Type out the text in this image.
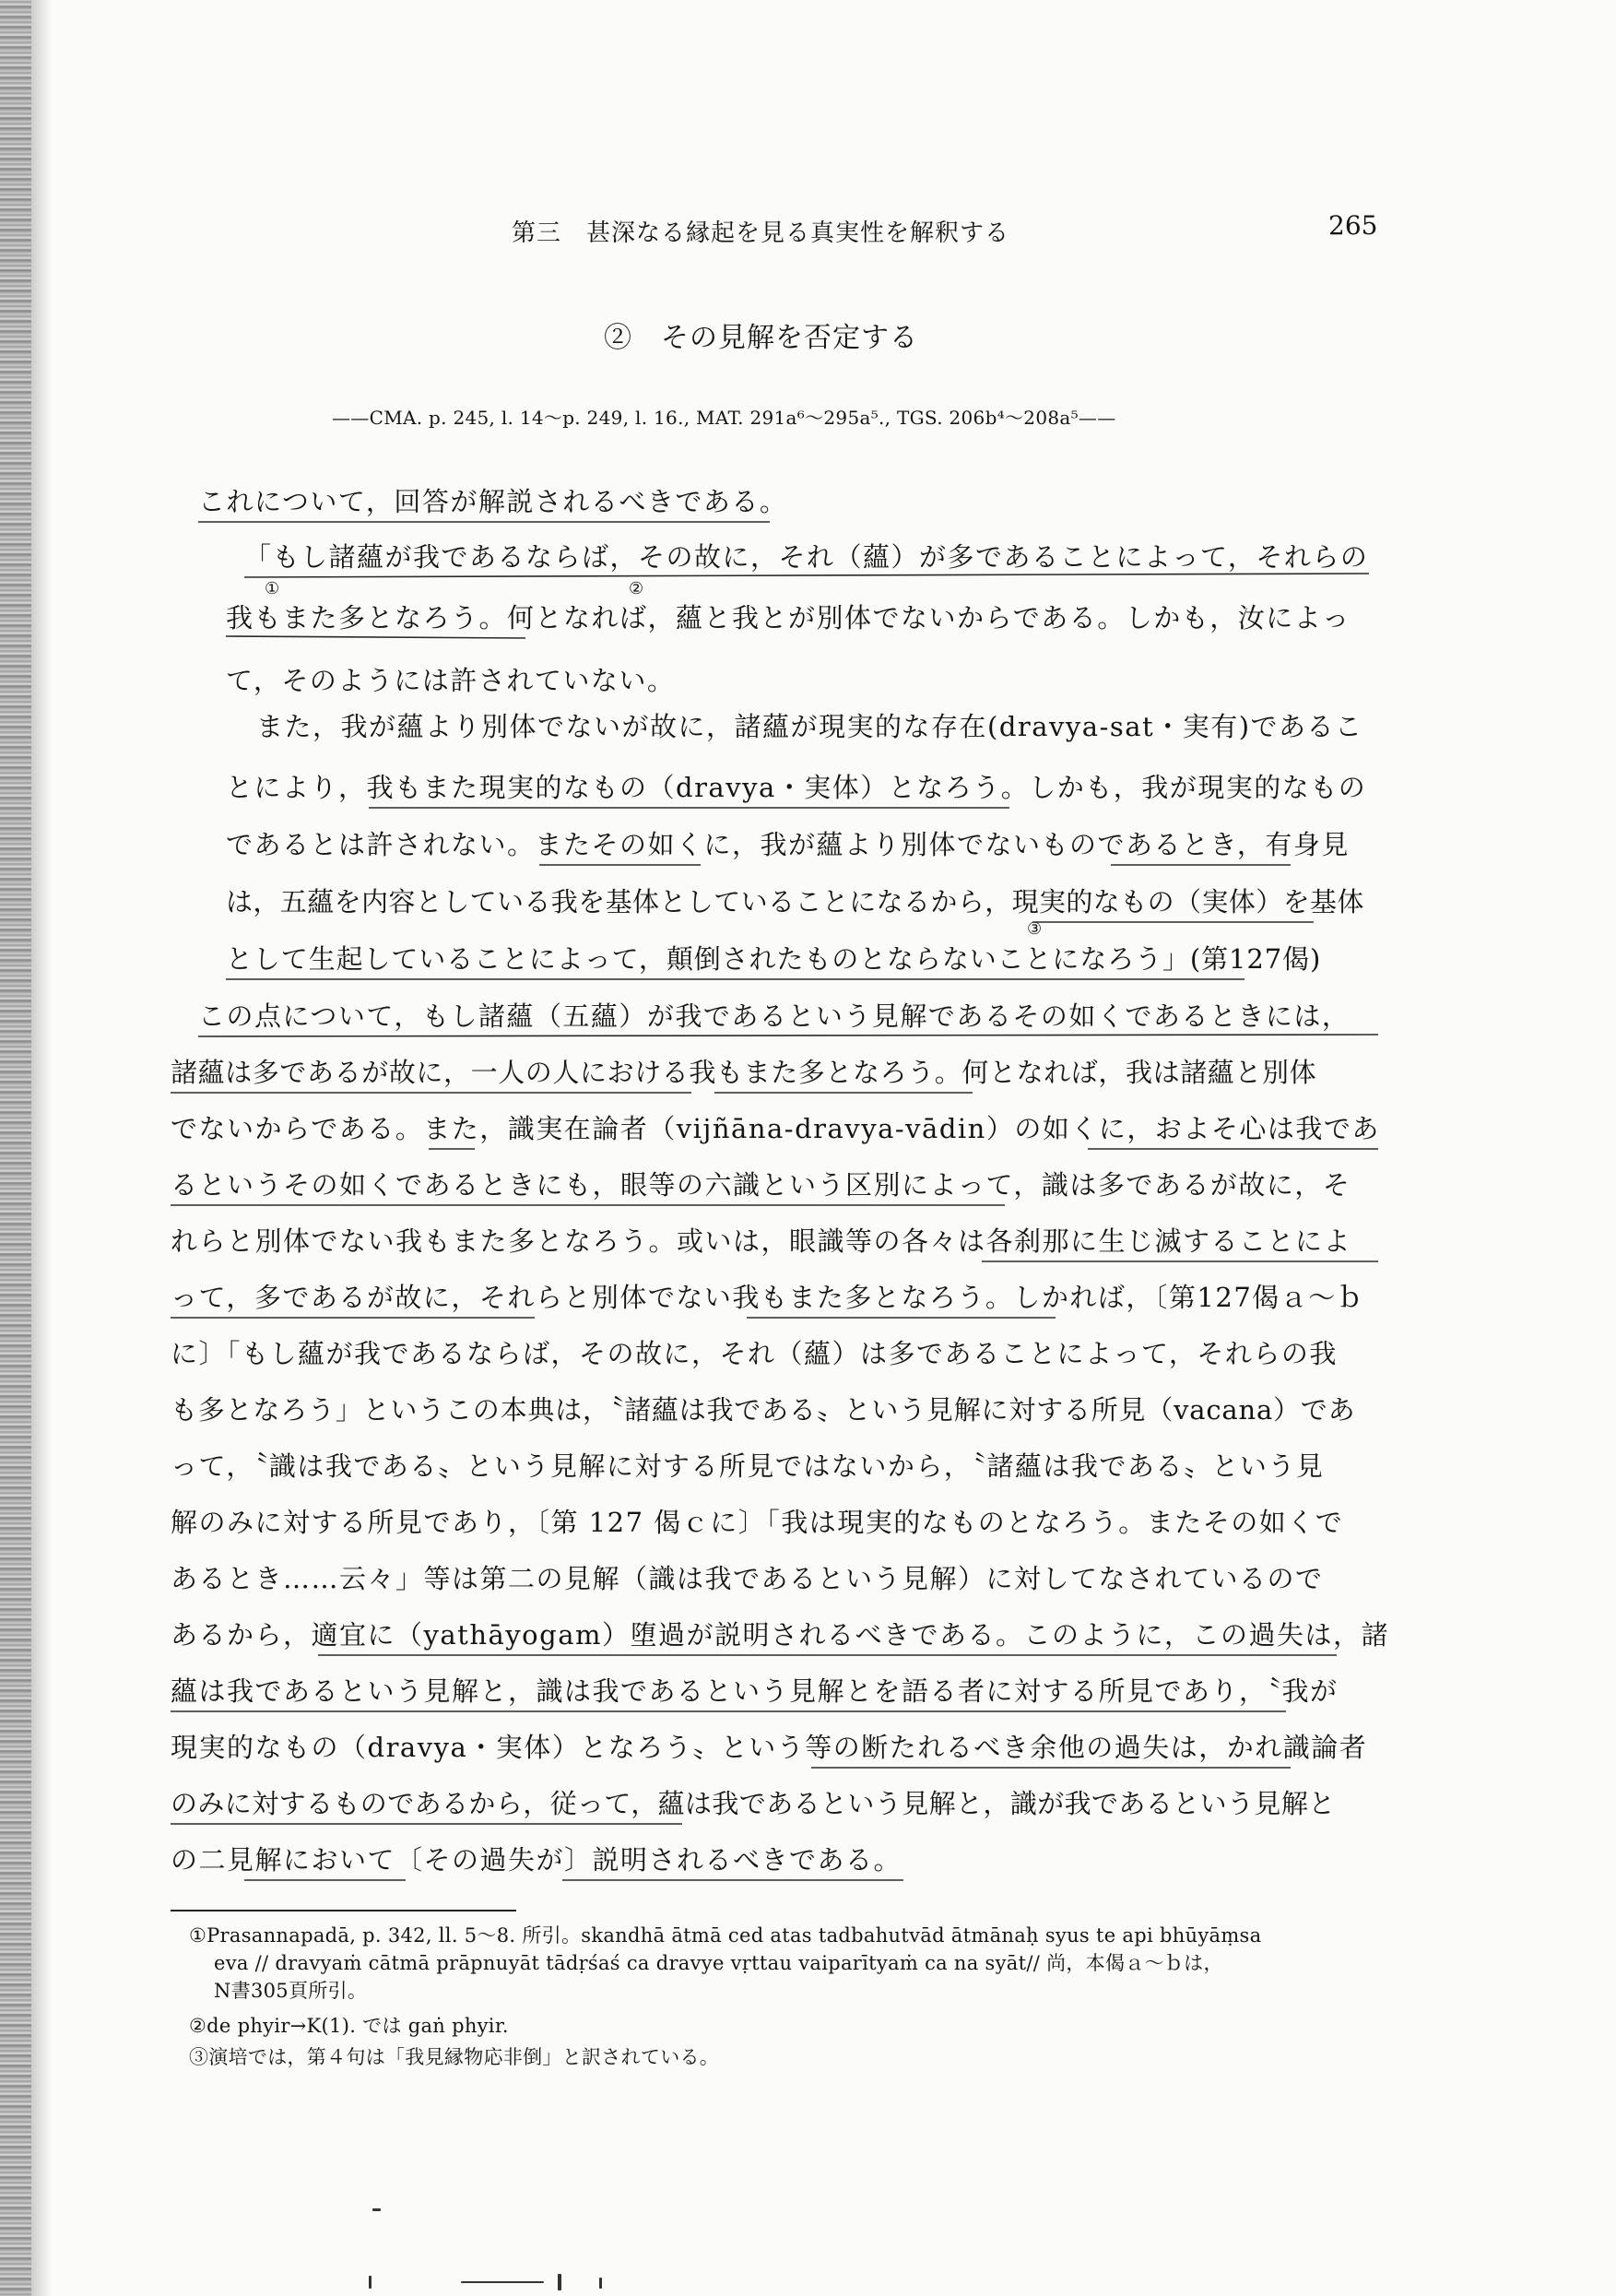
第三　甚深なる縁起を見る真実性を解釈する	265
②　その見解を否定する
——CMA. p. 245, l. 14～p. 249, l. 16., MAT. 291a⁶～295a⁵., TGS. 206b⁴～208a⁵——
これについて，回答が解説されるべきである。
「もし諸蘊が我であるならば，その故に，それ（蘊）が多であることによって，それらの
我もまた多となろう。何となれば，蘊と我とが別体でないからである。しかも，汝によっ
て，そのようには許されていない。
また，我が蘊より別体でないが故に，諸蘊が現実的な存在(dravya-sat・実有)であるこ
とにより，我もまた現実的なもの（dravya・実体）となろう。しかも，我が現実的なもの
であるとは許されない。またその如くに，我が蘊より別体でないものであるとき，有身見
は，五蘊を内容としている我を基体としていることになるから，現実的なもの（実体）を基体
として生起していることによって，顛倒されたものとならないことになろう」(第127偈)
この点について，もし諸蘊（五蘊）が我であるという見解であるその如くであるときには，
諸蘊は多であるが故に，一人の人における我もまた多となろう。何となれば，我は諸蘊と別体
でないからである。また，識実在論者（vijñāna-dravya-vādin）の如くに，およそ心は我であ
るというその如くであるときにも，眼等の六識という区別によって，識は多であるが故に，そ
れらと別体でない我もまた多となろう。或いは，眼識等の各々は各刹那に生じ滅することによ
って，多であるが故に，それらと別体でない我もまた多となろう。しかれば，〔第127偈ａ～ｂ
に〕「もし蘊が我であるならば，その故に，それ（蘊）は多であることによって，それらの我
も多となろう」というこの本典は，〝諸蘊は我である〟という見解に対する所見（vacana）であ
って，〝識は我である〟という見解に対する所見ではないから，〝諸蘊は我である〟という見
解のみに対する所見であり，〔第 127 偈ｃに〕「我は現実的なものとなろう。またその如くで
あるとき……云々」等は第二の見解（識は我であるという見解）に対してなされているので
あるから，適宜に（yathāyogam）堕過が説明されるべきである。このように，この過失は，諸
蘊は我であるという見解と，識は我であるという見解とを語る者に対する所見であり，〝我が
現実的なもの（dravya・実体）となろう〟という等の断たれるべき余他の過失は，かれ識論者
のみに対するものであるから，従って，蘊は我であるという見解と，識が我であるという見解と
の二見解において〔その過失が〕説明されるべきである。
①	②
③
①Prasannapadā, p. 342, ll. 5～8. 所引。skandhā ātmā ced atas tadbahutvād ātmānaḥ syus te api bhūyāṃsa
eva // dravyaṁ cātmā prāpnuyāt tādṛśaś ca dravye vṛttau vaiparītyaṁ ca na syāt// 尚，本偈ａ～ｂは，
N書305頁所引。
②de phyir→K(1). では gaṅ phyir.
③演培では，第４句は「我見縁物応非倒」と訳されている。
